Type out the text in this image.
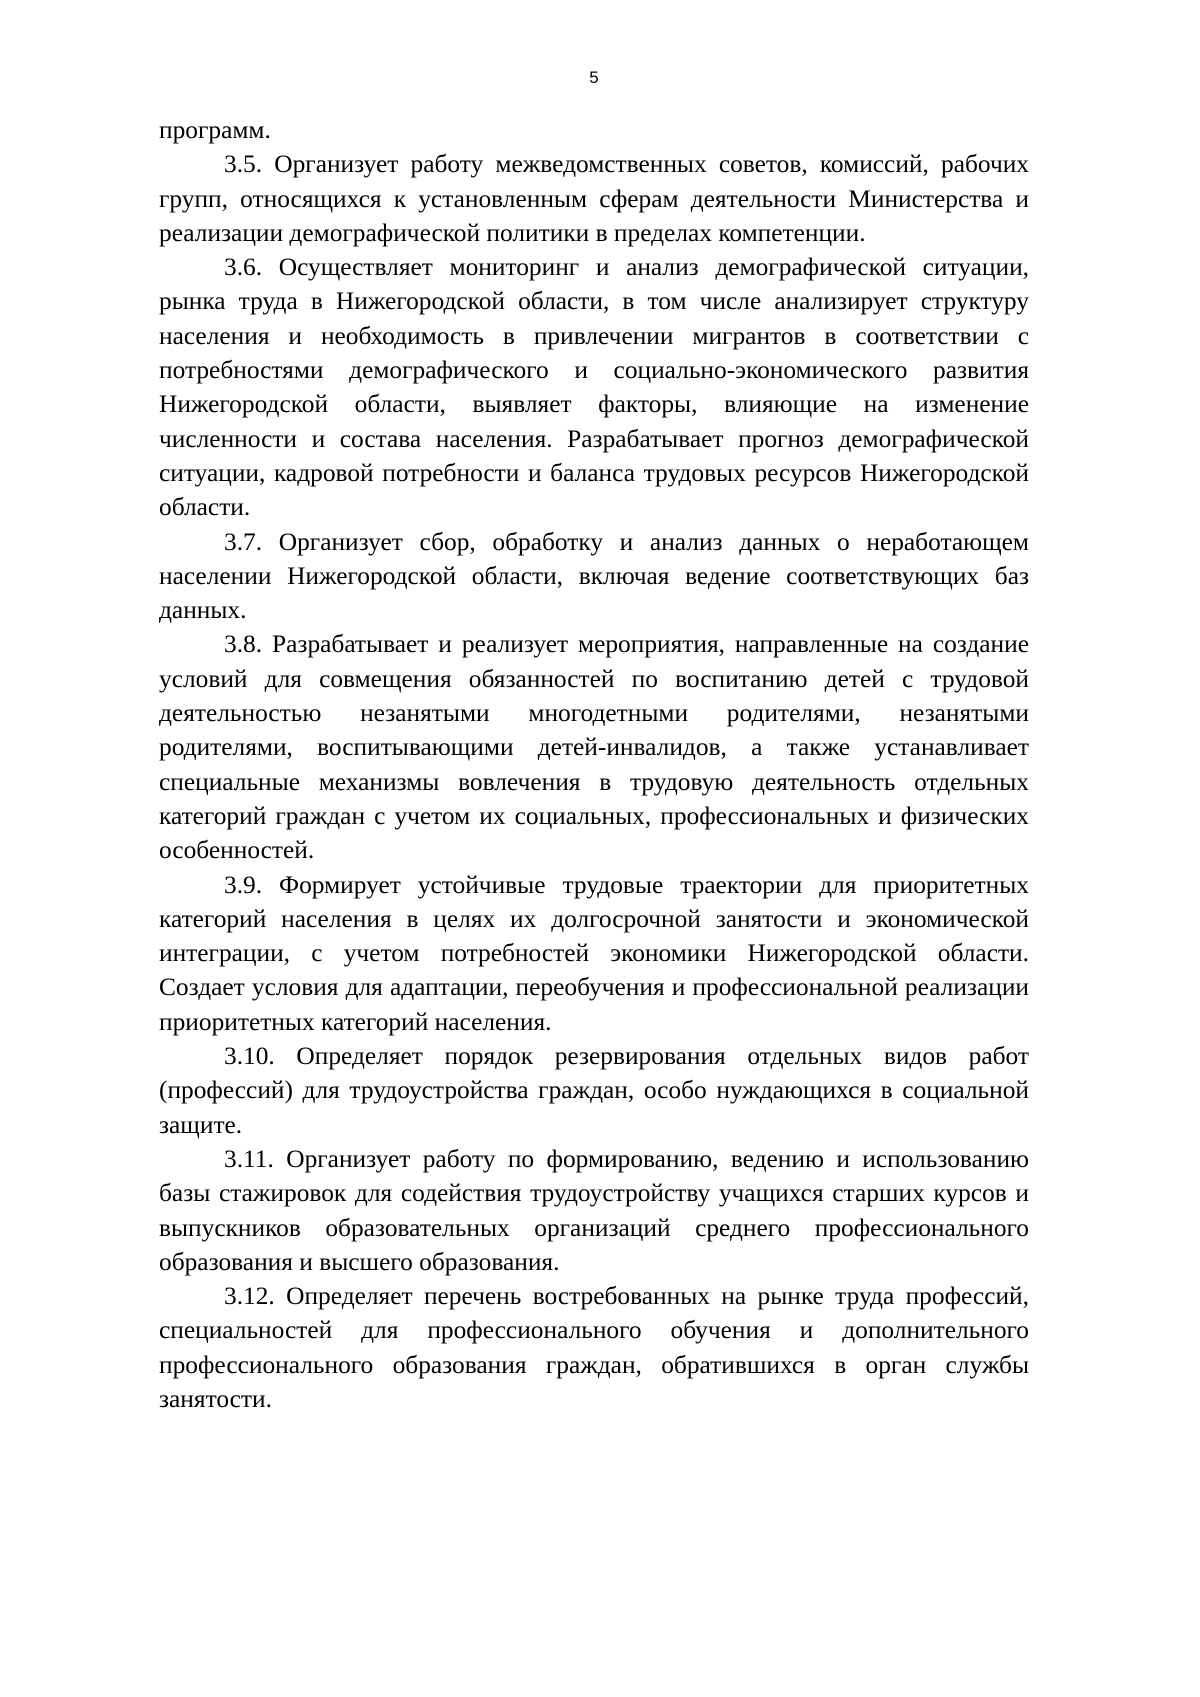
5

программ.

3.5. Организует работу межведомственных советов, комиссий, рабочих групп, относящихся к установленным сферам деятельности Министерства и реализации демографической политики в пределах компетенции.

3.6. Осуществляет мониторинг и анализ демографической ситуации, рынка труда в Нижегородской области, в том числе анализирует структуру населения и необходимость в привлечении мигрантов в соответствии с потребностями демографического и социально-экономического развития Нижегородской области, выявляет факторы, влияющие на изменение численности и состава населения. Разрабатывает прогноз демографической ситуации, кадровой потребности и баланса трудовых ресурсов Нижегородской области.

3.7. Организует сбор, обработку и анализ данных о неработающем населении Нижегородской области, включая ведение соответствующих баз данных.

3.8. Разрабатывает и реализует мероприятия, направленные на создание условий для совмещения обязанностей по воспитанию детей с трудовой деятельностью незанятыми многодетными родителями, незанятыми родителями, воспитывающими детей-инвалидов, а также устанавливает специальные механизмы вовлечения в трудовую деятельность отдельных категорий граждан с учетом их социальных, профессиональных и физических особенностей.

3.9. Формирует устойчивые трудовые траектории для приоритетных категорий населения в целях их долгосрочной занятости и экономической интеграции, с учетом потребностей экономики Нижегородской области. Создает условия для адаптации, переобучения и профессиональной реализации приоритетных категорий населения.

3.10. Определяет порядок резервирования отдельных видов работ (профессий) для трудоустройства граждан, особо нуждающихся в социальной защите.

3.11. Организует работу по формированию, ведению и использованию базы стажировок для содействия трудоустройству учащихся старших курсов и выпускников образовательных организаций среднего профессионального образования и высшего образования.

3.12. Определяет перечень востребованных на рынке труда профессий, специальностей для профессионального обучения и дополнительного профессионального образования граждан, обратившихся в орган службы занятости.
